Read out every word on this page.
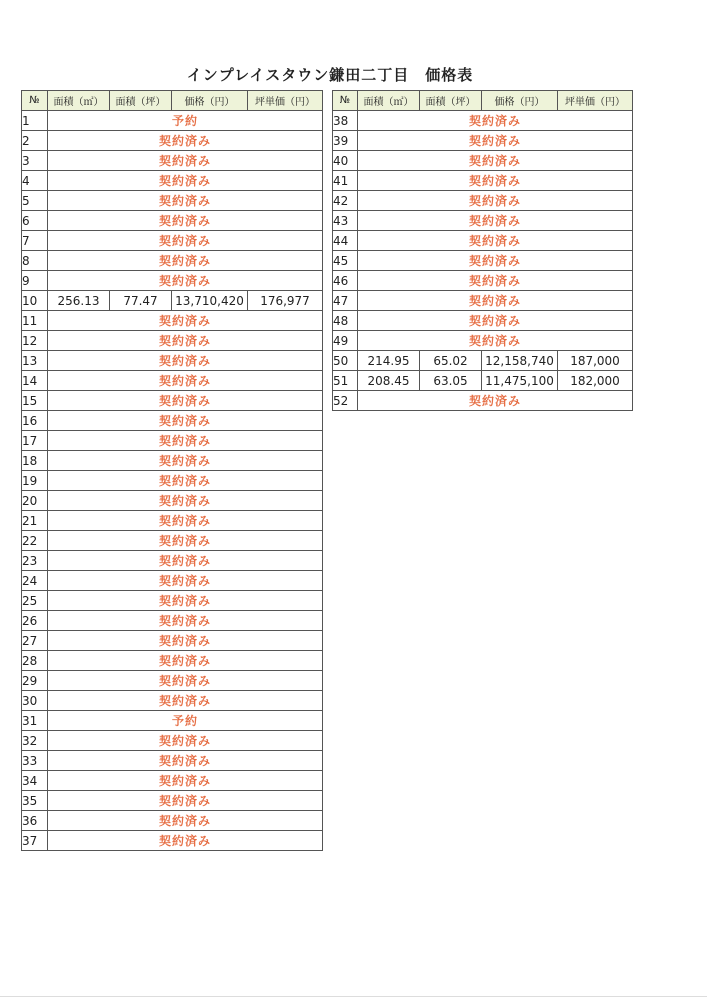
インプレイスタウン鎌田二丁目　価格表
№	面積（㎡）	面積（坪）	価格（円）	坪単価（円）
1	予約			
2	契約済み			
3	契約済み			
4	契約済み			
5	契約済み			
6	契約済み			
7	契約済み			
8	契約済み			
9	契約済み			
10	256.13	77.47	13,710,420	176,977
11	契約済み			
12	契約済み			
13	契約済み			
14	契約済み			
15	契約済み			
16	契約済み			
17	契約済み			
18	契約済み			
19	契約済み			
20	契約済み			
21	契約済み			
22	契約済み			
23	契約済み			
24	契約済み			
25	契約済み			
26	契約済み			
27	契約済み			
28	契約済み			
29	契約済み			
30	契約済み			
31	予約			
32	契約済み			
33	契約済み			
34	契約済み			
35	契約済み			
36	契約済み			
37	契約済み			
№	面積（㎡）	面積（坪）	価格（円）	坪単価（円）
38	契約済み			
39	契約済み			
40	契約済み			
41	契約済み			
42	契約済み			
43	契約済み			
44	契約済み			
45	契約済み			
46	契約済み			
47	契約済み			
48	契約済み			
49	契約済み			
50	214.95	65.02	12,158,740	187,000
51	208.45	63.05	11,475,100	182,000
52	契約済み			
